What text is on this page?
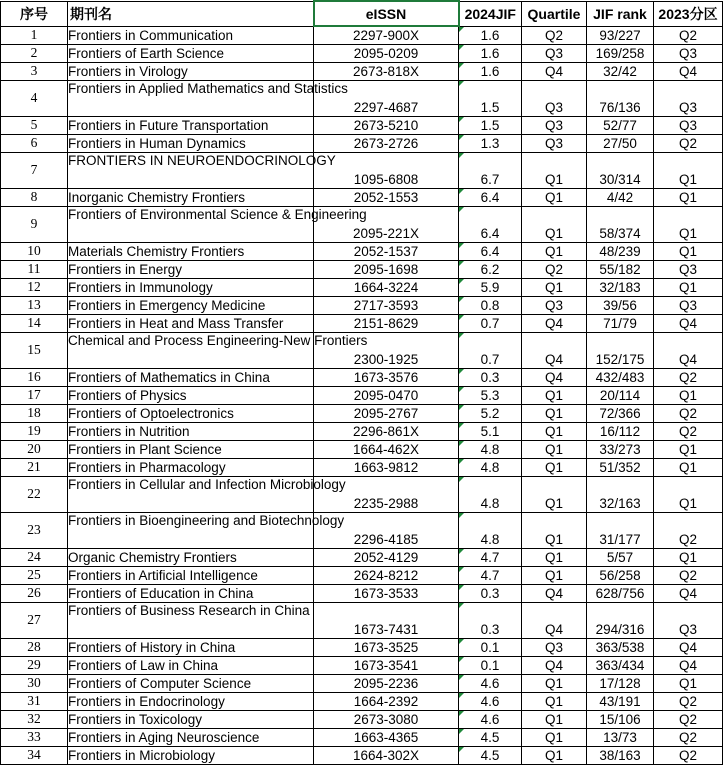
序号	期刊名	eISSN	2024JIF	Quartile	JIF rank	2023分区
1	Frontiers in Communication	2297-900X	1.6	Q2	93/227	Q2
2	Frontiers of Earth Science	2095-0209	1.6	Q3	169/258	Q3
3	Frontiers in Virology	2673-818X	1.6	Q4	32/42	Q4
4	Frontiers in Applied Mathematics and Statistics	2297-4687	1.5	Q3	76/136	Q3
5	Frontiers in Future Transportation	2673-5210	1.5	Q3	52/77	Q3
6	Frontiers in Human Dynamics	2673-2726	1.3	Q3	27/50	Q2
7	FRONTIERS IN NEUROENDOCRINOLOGY	1095-6808	6.7	Q1	30/314	Q1
8	Inorganic Chemistry Frontiers	2052-1553	6.4	Q1	4/42	Q1
9	Frontiers of Environmental Science & Engineering	2095-221X	6.4	Q1	58/374	Q1
10	Materials Chemistry Frontiers	2052-1537	6.4	Q1	48/239	Q1
11	Frontiers in Energy	2095-1698	6.2	Q2	55/182	Q3
12	Frontiers in Immunology	1664-3224	5.9	Q1	32/183	Q1
13	Frontiers in Emergency Medicine	2717-3593	0.8	Q3	39/56	Q3
14	Frontiers in Heat and Mass Transfer	2151-8629	0.7	Q4	71/79	Q4
15	Chemical and Process Engineering-New Frontiers	2300-1925	0.7	Q4	152/175	Q4
16	Frontiers of Mathematics in China	1673-3576	0.3	Q4	432/483	Q2
17	Frontiers of Physics	2095-0470	5.3	Q1	20/114	Q1
18	Frontiers of Optoelectronics	2095-2767	5.2	Q1	72/366	Q2
19	Frontiers in Nutrition	2296-861X	5.1	Q1	16/112	Q2
20	Frontiers in Plant Science	1664-462X	4.8	Q1	33/273	Q1
21	Frontiers in Pharmacology	1663-9812	4.8	Q1	51/352	Q1
22	Frontiers in Cellular and Infection Microbiology	2235-2988	4.8	Q1	32/163	Q1
23	Frontiers in Bioengineering and Biotechnology	2296-4185	4.8	Q1	31/177	Q2
24	Organic Chemistry Frontiers	2052-4129	4.7	Q1	5/57	Q1
25	Frontiers in Artificial Intelligence	2624-8212	4.7	Q1	56/258	Q2
26	Frontiers of Education in China	1673-3533	0.3	Q4	628/756	Q4
27	Frontiers of Business Research in China	1673-7431	0.3	Q4	294/316	Q3
28	Frontiers of History in China	1673-3525	0.1	Q3	363/538	Q4
29	Frontiers of Law in China	1673-3541	0.1	Q4	363/434	Q4
30	Frontiers of Computer Science	2095-2236	4.6	Q1	17/128	Q1
31	Frontiers in Endocrinology	1664-2392	4.6	Q1	43/191	Q2
32	Frontiers in Toxicology	2673-3080	4.6	Q1	15/106	Q2
33	Frontiers in Aging Neuroscience	1663-4365	4.5	Q1	13/73	Q2
34	Frontiers in Microbiology	1664-302X	4.5	Q1	38/163	Q2
